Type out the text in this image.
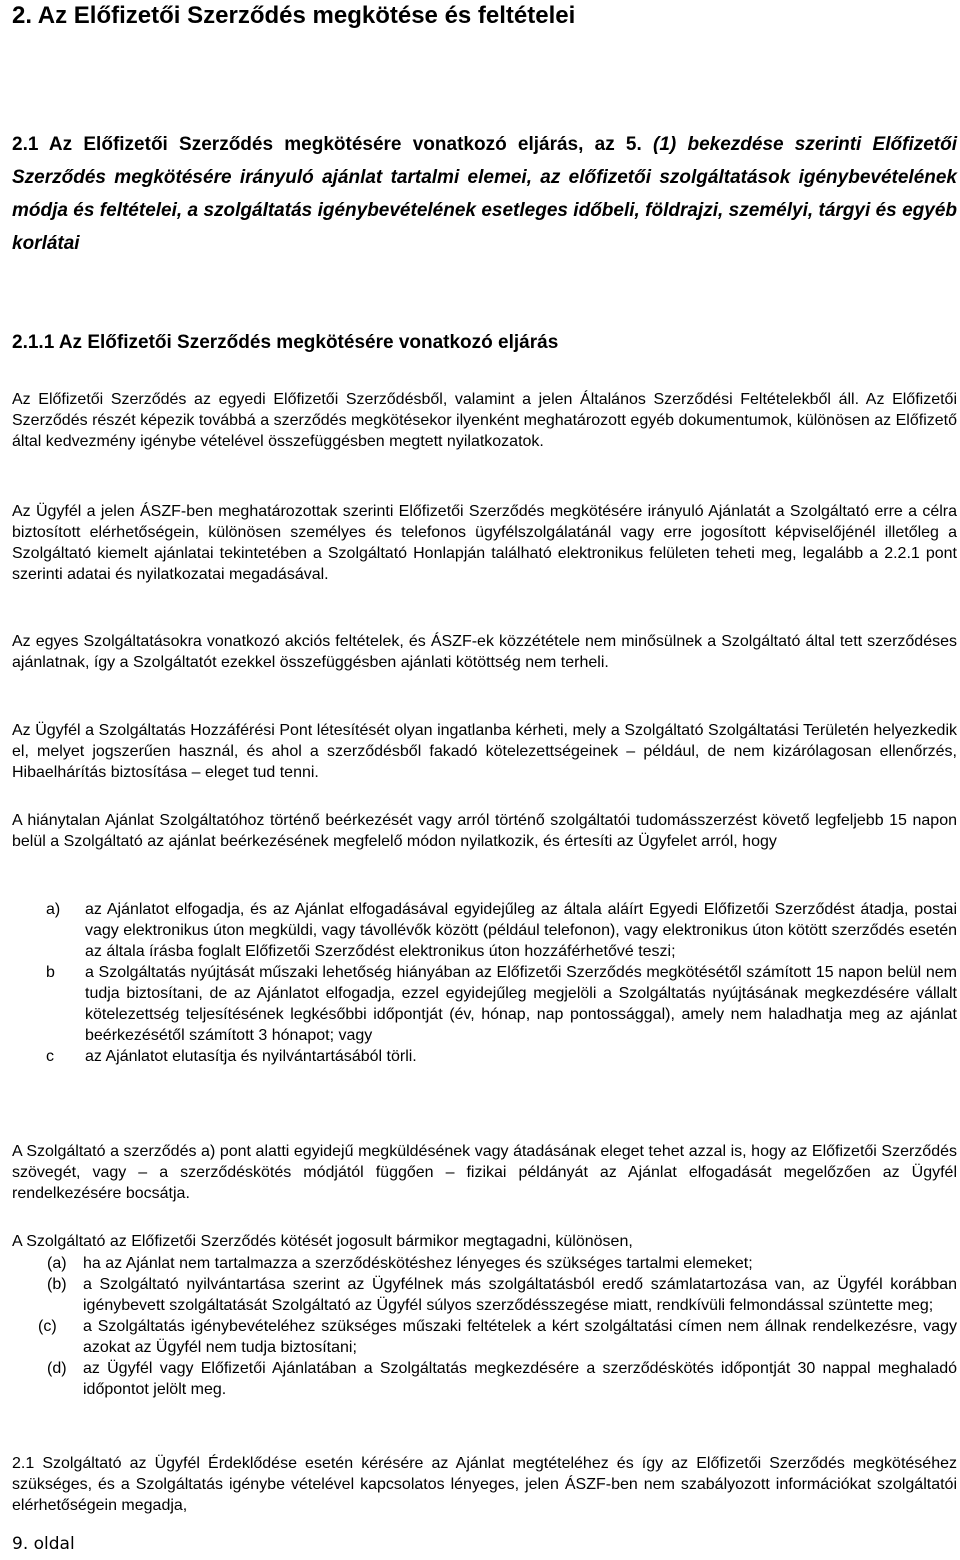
2. Az Előfizetői Szerződés megkötése és feltételei

2.1 Az Előfizetői Szerződés megkötésére vonatkozó eljárás, az 5. (1) bekezdése szerinti Előfizetői Szerződés megkötésére irányuló ajánlat tartalmi elemei, az előfizetői szolgáltatások igénybevételének módja és feltételei, a szolgáltatás igénybevételének esetleges időbeli, földrajzi, személyi, tárgyi és egyéb korlátai

2.1.1 Az Előfizetői Szerződés megkötésére vonatkozó eljárás

Az Előfizetői Szerződés az egyedi Előfizetői Szerződésből, valamint a jelen Általános Szerződési Feltételekből áll. Az Előfizetői Szerződés részét képezik továbbá a szerződés megkötésekor ilyenként meghatározott egyéb dokumentumok, különösen az Előfizető által kedvezmény igénybe vételével összefüggésben megtett nyilatkozatok.

Az Ügyfél a jelen ÁSZF-ben meghatározottak szerinti Előfizetői Szerződés megkötésére irányuló Ajánlatát a Szolgáltató erre a célra biztosított elérhetőségein, különösen személyes és telefonos ügyfélszolgálatánál vagy erre jogosított képviselőjénél illetőleg a Szolgáltató kiemelt ajánlatai tekintetében a Szolgáltató Honlapján található elektronikus felületen teheti meg, legalább a 2.2.1 pont szerinti adatai és nyilatkozatai megadásával.

Az egyes Szolgáltatásokra vonatkozó akciós feltételek, és ÁSZF-ek közzététele nem minősülnek a Szolgáltató által tett szerződéses ajánlatnak, így a Szolgáltatót ezekkel összefüggésben ajánlati kötöttség nem terheli.

Az Ügyfél a Szolgáltatás Hozzáférési Pont létesítését olyan ingatlanba kérheti, mely a Szolgáltató Szolgáltatási Területén helyezkedik el, melyet jogszerűen használ, és ahol a szerződésből fakadó kötelezettségeinek – például, de nem kizárólagosan ellenőrzés, Hibaelhárítás biztosítása – eleget tud tenni.

A hiánytalan Ajánlat Szolgáltatóhoz történő beérkezését vagy arról történő szolgáltatói tudomásszerzést követő legfeljebb 15 napon belül a Szolgáltató az ajánlat beérkezésének megfelelő módon nyilatkozik, és értesíti az Ügyfelet arról, hogy

a) az Ajánlatot elfogadja, és az Ajánlat elfogadásával egyidejűleg az általa aláírt Egyedi Előfizetői Szerződést átadja, postai vagy elektronikus úton megküldi, vagy távollévők között (például telefonon), vagy elektronikus úton kötött szerződés esetén az általa írásba foglalt Előfizetői Szerződést elektronikus úton hozzáférhetővé teszi;
b a Szolgáltatás nyújtását műszaki lehetőség hiányában az Előfizetői Szerződés megkötésétől számított 15 napon belül nem tudja biztosítani, de az Ajánlatot elfogadja, ezzel egyidejűleg megjelöli a Szolgáltatás nyújtásának megkezdésére vállalt kötelezettség teljesítésének legkésőbbi időpontját (év, hónap, nap pontossággal), amely nem haladhatja meg az ajánlat beérkezésétől számított 3 hónapot; vagy
c az Ajánlatot elutasítja és nyilvántartásából törli.

A Szolgáltató a szerződés a) pont alatti egyidejű megküldésének vagy átadásának eleget tehet azzal is, hogy az Előfizetői Szerződés szövegét, vagy – a szerződéskötés módjától függően – fizikai példányát az Ajánlat elfogadását megelőzően az Ügyfél rendelkezésére bocsátja.

A Szolgáltató az Előfizetői Szerződés kötését jogosult bármikor megtagadni, különösen,

(a) ha az Ajánlat nem tartalmazza a szerződéskötéshez lényeges és szükséges tartalmi elemeket;
(b) a Szolgáltató nyilvántartása szerint az Ügyfélnek más szolgáltatásból eredő számlatartozása van, az Ügyfél korábban igénybevett szolgáltatását Szolgáltató az Ügyfél súlyos szerződésszegése miatt, rendkívüli felmondással szüntette meg;
(c) a Szolgáltatás igénybevételéhez szükséges műszaki feltételek a kért szolgáltatási címen nem állnak rendelkezésre, vagy azokat az Ügyfél nem tudja biztosítani;
(d) az Ügyfél vagy Előfizetői Ajánlatában a Szolgáltatás megkezdésére a szerződéskötés időpontját 30 nappal meghaladó időpontot jelölt meg.

2.1 Szolgáltató az Ügyfél Érdeklődése esetén kérésére az Ajánlat megtételéhez és így az Előfizetői Szerződés megkötéséhez szükséges, és a Szolgáltatás igénybe vételével kapcsolatos lényeges, jelen ÁSZF-ben nem szabályozott információkat szolgáltatói elérhetőségein megadja,

9. oldal
